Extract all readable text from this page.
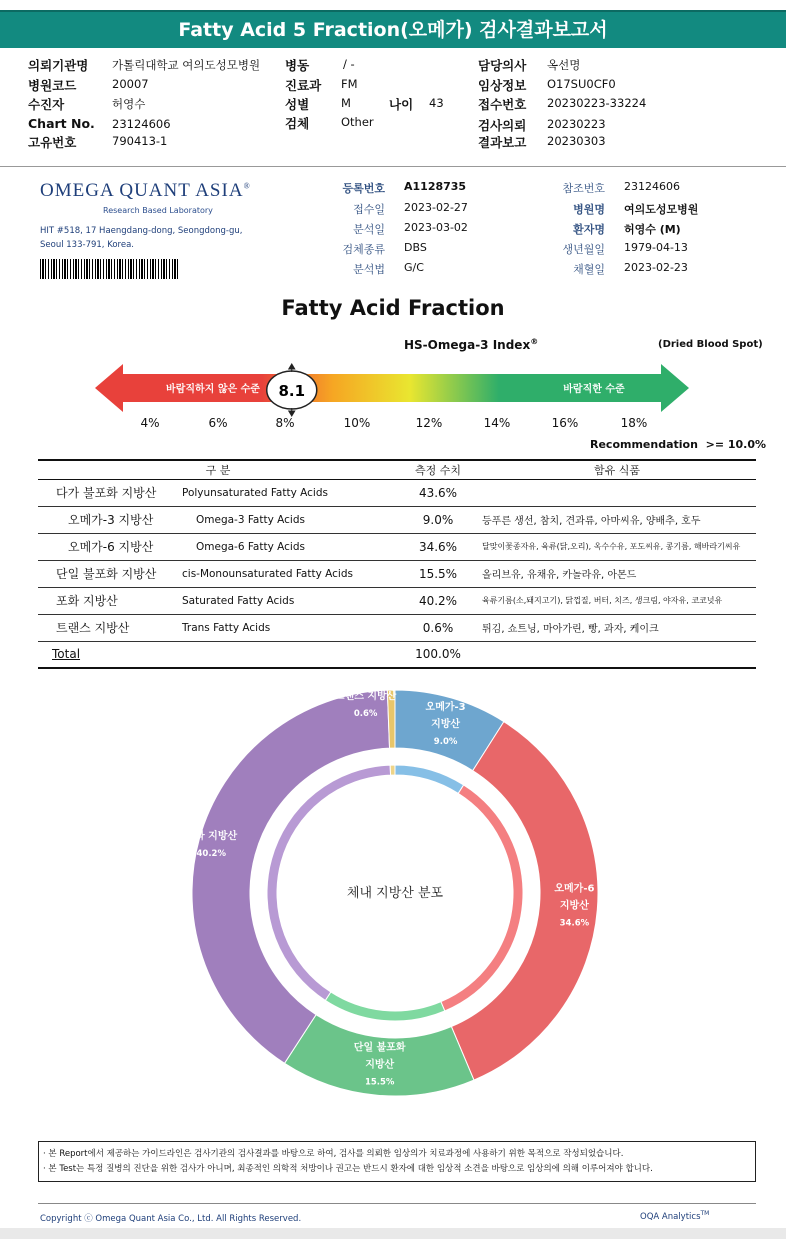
Fatty Acid 5 Fraction(오메가) 검사결과보고서
의뢰기관명 가톨릭대학교 여의도성모병원
병원코드	20007
수진자	허영수
Chart No. 23124606
고유번호	790413-1
병동	/ -
진료과 FM
성별	M	나이 43
검체	Other
담당의사 옥선명
임상정보 O17SU0CF0
접수번호 20230223-33224
검사의뢰 20230223
결과보고 20230303
OMEGA QUANT ASIA®
Research Based Laboratory
HIT #518, 17 Haengdang-dong, Seongdong-gu,
Seoul 133-791, Korea.
등록번호 A1128735
접수일 2023-02-27
분석일 2023-03-02
검체종류 DBS
분석법 G/C
참조번호 23124606
병원명 여의도성모병원
환자명 허영수 (M)
생년월일 1979-04-13
채혈일 2023-02-23
Fatty Acid Fraction
HS-Omega-3 Index®	(Dried Blood Spot)
바람직하지 않은 수준	바람직한 수준
8.1
4%	6%	8%	10%	12%	14%	16%	18%
Recommendation  >= 10.0%
구 분		측정 수치	함유 식품
다가 불포화 지방산	Polyunsaturated Fatty Acids	43.6%	
오메가-3 지방산	Omega-3 Fatty Acids	9.0%	등푸른 생선, 참치, 견과류, 아마씨유, 양배추, 호두
오메가-6 지방산	Omega-6 Fatty Acids	34.6%	달맞이꽃종자유, 육류(닭,오리), 옥수수유, 포도씨유, 콩기름, 해바라기씨유
단일 불포화 지방산	cis-Monounsaturated Fatty Acids	15.5%	올리브유, 유채유, 카놀라유, 아몬드
포화 지방산	Saturated Fatty Acids	40.2%	육류기름(소,돼지고기), 닭껍질, 버터, 치즈, 생크림, 야자유, 코코넛유
트랜스 지방산	Trans Fatty Acids	0.6%	튀김, 쇼트닝, 마아가린, 빵, 과자, 케이크
Total		100.0%	
체내 지방산 분포
오메가-3
지방산
9.0%
오메가-6
지방산
34.6%
단일 불포화
지방산
15.5%
포화 지방산
40.2%
트랜스 지방산
0.6%
· 본 Report에서 제공하는 가이드라인은 검사기관의 검사결과를 바탕으로 하여, 검사를 의뢰한 임상의가 치료과정에 사용하기 위한 목적으로 작성되었습니다.
· 본 Test는 특정 질병의 진단을 위한 검사가 아니며, 최종적인 의학적 처방이나 권고는 반드시 환자에 대한 임상적 소견을 바탕으로 임상의에 의해 이루어져야 합니다.
Copyright ⓒ Omega Quant Asia Co., Ltd. All Rights Reserved.	OQA Analytics™
